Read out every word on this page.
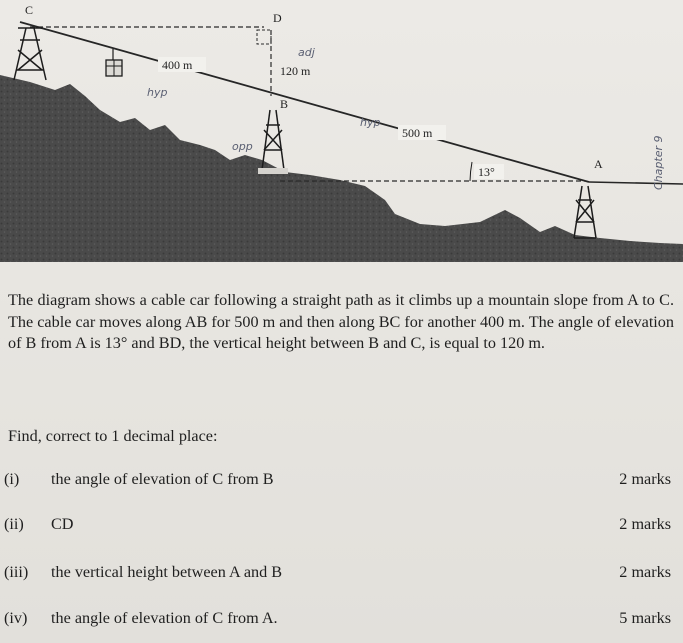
C
D
B
A
400 m
500 m
120 m
13°
adj
hyp
hyp
opp	Chapter 9

The diagram shows a cable car following a straight path as it climbs up a mountain slope from A to C. The cable car moves along AB for 500 m and then along BC for another 400 m. The angle of elevation of B from A is 13° and BD, the vertical height between B and C, is equal to 120 m.

Find, correct to 1 decimal place:

(i) the angle of elevation of C from B	2 marks
(ii) CD	2 marks
(iii) the vertical height between A and B	2 marks
(iv) the angle of elevation of C from A.	5 marks
